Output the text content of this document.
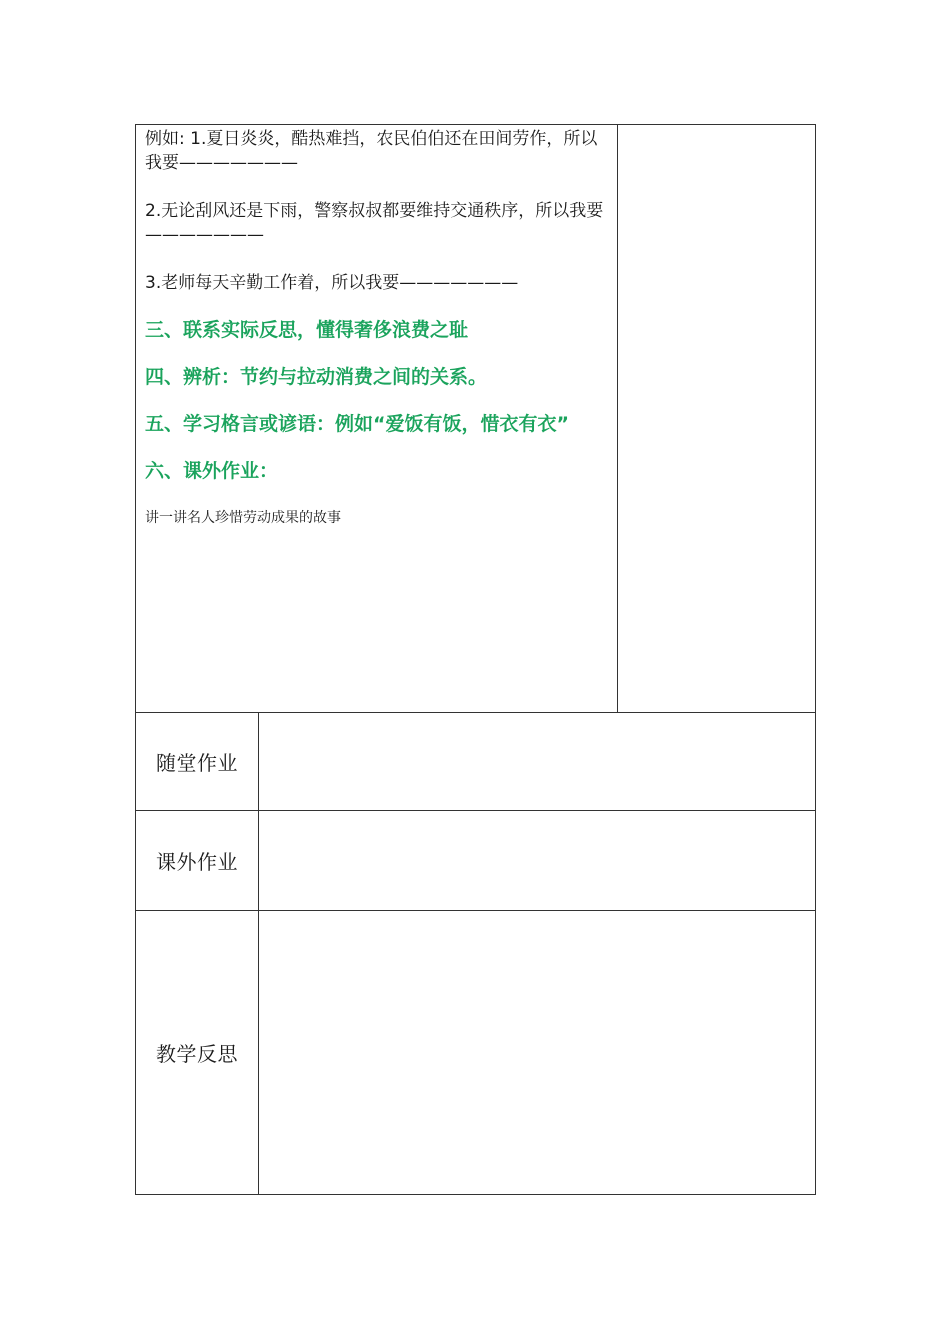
例如: 1.夏日炎炎，酷热难挡，农民伯伯还在田间劳作，所以我要———————

2.无论刮风还是下雨，警察叔叔都要维持交通秩序，所以我要———————

3.老师每天辛勤工作着，所以我要———————

三、联系实际反思，懂得奢侈浪费之耻

四、辨析：节约与拉动消费之间的关系。

五、学习格言或谚语：例如“爱饭有饭，惜衣有衣”

六、课外作业：

讲一讲名人珍惜劳动成果的故事

随堂作业
课外作业
教学反思
